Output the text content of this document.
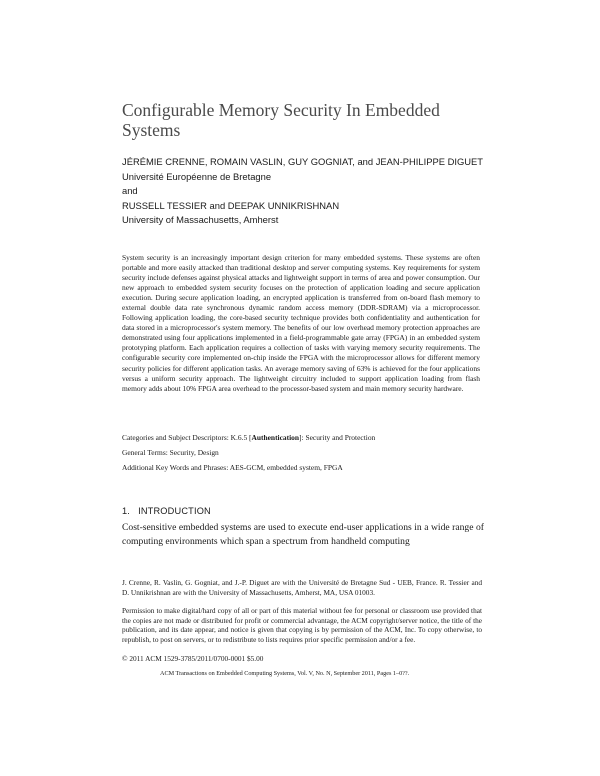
Configurable Memory Security In Embedded Systems
JÉRÉMIE CRENNE, ROMAIN VASLIN, GUY GOGNIAT, and JEAN-PHILIPPE DIGUET
Université Européenne de Bretagne
and
RUSSELL TESSIER and DEEPAK UNNIKRISHNAN
University of Massachusetts, Amherst

System security is an increasingly important design criterion for many embedded systems. These systems are often portable and more easily attacked than traditional desktop and server computing systems. Key requirements for system security include defenses against physical attacks and lightweight support in terms of area and power consumption. Our new approach to embedded system security focuses on the protection of application loading and secure application execution. During secure application loading, an encrypted application is transferred from on-board flash memory to external double data rate synchronous dynamic random access memory (DDR-SDRAM) via a microprocessor. Following application loading, the core-based security technique provides both confidentiality and authentication for data stored in a microprocessor's system memory. The benefits of our low overhead memory protection approaches are demonstrated using four applications implemented in a field-programmable gate array (FPGA) in an embedded system prototyping platform. Each application requires a collection of tasks with varying memory security requirements. The configurable security core implemented on-chip inside the FPGA with the microprocessor allows for different memory security policies for different application tasks. An average memory saving of 63% is achieved for the four applications versus a uniform security approach. The lightweight circuitry included to support application loading from flash memory adds about 10% FPGA area overhead to the processor-based system and main memory security hardware.

Categories and Subject Descriptors: K.6.5 [Authentication]: Security and Protection
General Terms: Security, Design
Additional Key Words and Phrases: AES-GCM, embedded system, FPGA
1. INTRODUCTION

Cost-sensitive embedded systems are used to execute end-user applications in a wide range of computing environments which span a spectrum from handheld computing

J. Crenne, R. Vaslin, G. Gogniat, and J.-P. Diguet are with the Université de Bretagne Sud - UEB, France. R. Tessier and D. Unnikrishnan are with the University of Massachusetts, Amherst, MA, USA 01003.

Permission to make digital/hard copy of all or part of this material without fee for personal or classroom use provided that the copies are not made or distributed for profit or commercial advantage, the ACM copyright/server notice, the title of the publication, and its date appear, and notice is given that copying is by permission of the ACM, Inc. To copy otherwise, to republish, to post on servers, or to redistribute to lists requires prior specific permission and/or a fee.

© 2011 ACM 1529-3785/2011/0700-0001 $5.00
ACM Transactions on Embedded Computing Systems, Vol. V, No. N, September 2011, Pages 1–0??.
